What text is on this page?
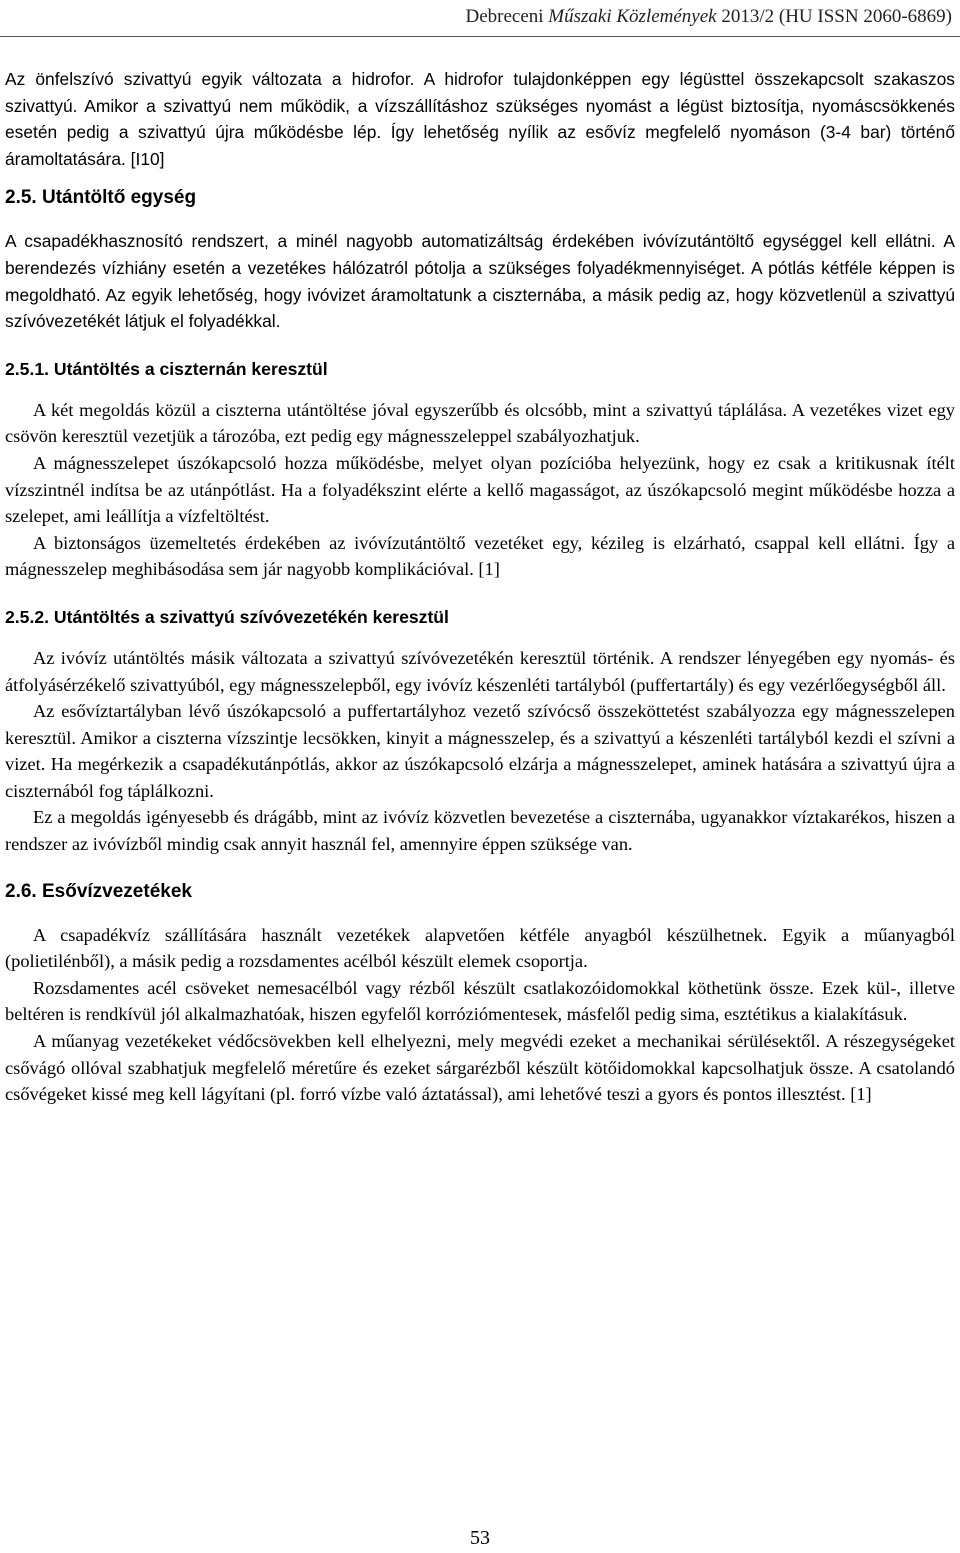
Debreceni Műszaki Közlemények 2013/2 (HU ISSN 2060-6869)

Az önfelszívó szivattyú egyik változata a hidrofor. A hidrofor tulajdonképpen egy légüsttel összekapcsolt szakaszos szivattyú. Amikor a szivattyú nem működik, a vízszállításhoz szükséges nyomást a légüst biztosítja, nyomáscsökkenés esetén pedig a szivattyú újra működésbe lép. Így lehetőség nyílik az esővíz megfelelő nyomáson (3-4 bar) történő áramoltatására. [I10]

2.5. Utántöltő egység

A csapadékhasznosító rendszert, a minél nagyobb automatizáltság érdekében ivóvízutántöltő egységgel kell ellátni. A berendezés vízhiány esetén a vezetékes hálózatról pótolja a szükséges folyadékmennyiséget. A pótlás kétféle képpen is megoldható. Az egyik lehetőség, hogy ivóvizet áramoltatunk a ciszternába, a másik pedig az, hogy közvetlenül a szivattyú szívóvezetékét látjuk el folyadékkal.

2.5.1. Utántöltés a ciszternán keresztül

A két megoldás közül a ciszterna utántöltése jóval egyszerűbb és olcsóbb, mint a szivattyú táplálása. A vezetékes vizet egy csövön keresztül vezetjük a tározóba, ezt pedig egy mágnesszeleppel szabályozhatjuk.

A mágnesszelepet úszókapcsoló hozza működésbe, melyet olyan pozícióba helyezünk, hogy ez csak a kritikusnak ítélt vízszintnél indítsa be az utánpótlást. Ha a folyadékszint elérte a kellő magasságot, az úszókapcsoló megint működésbe hozza a szelepet, ami leállítja a vízfeltöltést.

A biztonságos üzemeltetés érdekében az ivóvízutántöltő vezetéket egy, kézileg is elzárható, csappal kell ellátni. Így a mágnesszelep meghibásodása sem jár nagyobb komplikációval. [1]

2.5.2. Utántöltés a szivattyú szívóvezetékén keresztül

Az ivóvíz utántöltés másik változata a szivattyú szívóvezetékén keresztül történik. A rendszer lényegében egy nyomás- és átfolyásérzékelő szivattyúból, egy mágnesszelepből, egy ivóvíz készenléti tartályból (puffertartály) és egy vezérlőegységből áll.

Az esővíztartályban lévő úszókapcsoló a puffertartályhoz vezető szívócső összeköttetést szabályozza egy mágnesszelepen keresztül. Amikor a ciszterna vízszintje lecsökken, kinyit a mágnesszelep, és a szivattyú a készenléti tartályból kezdi el szívni a vizet. Ha megérkezik a csapadékutánpótlás, akkor az úszókapcsoló elzárja a mágnesszelepet, aminek hatására a szivattyú újra a ciszternából fog táplálkozni.

Ez a megoldás igényesebb és drágább, mint az ivóvíz közvetlen bevezetése a ciszternába, ugyanakkor víztakarékos, hiszen a rendszer az ivóvízből mindig csak annyit használ fel, amennyire éppen szüksége van.

2.6. Esővízvezetékek

A csapadékvíz szállítására használt vezetékek alapvetően kétféle anyagból készülhetnek. Egyik a műanyagból (polietilénből), a másik pedig a rozsdamentes acélból készült elemek csoportja.

Rozsdamentes acél csöveket nemesacélból vagy rézből készült csatlakozóidomokkal köthetünk össze. Ezek kül-, illetve beltéren is rendkívül jól alkalmazhatóak, hiszen egyfelől korróziómentesek, másfelől pedig sima, esztétikus a kialakításuk.

A műanyag vezetékeket védőcsövekben kell elhelyezni, mely megvédi ezeket a mechanikai sérülésektől. A részegységeket csővágó ollóval szabhatjuk megfelelő méretűre és ezeket sárgarézből készült kötőidomokkal kapcsolhatjuk össze. A csatolandó csővégeket kissé meg kell lágyítani (pl. forró vízbe való áztatással), ami lehetővé teszi a gyors és pontos illesztést. [1]

53
